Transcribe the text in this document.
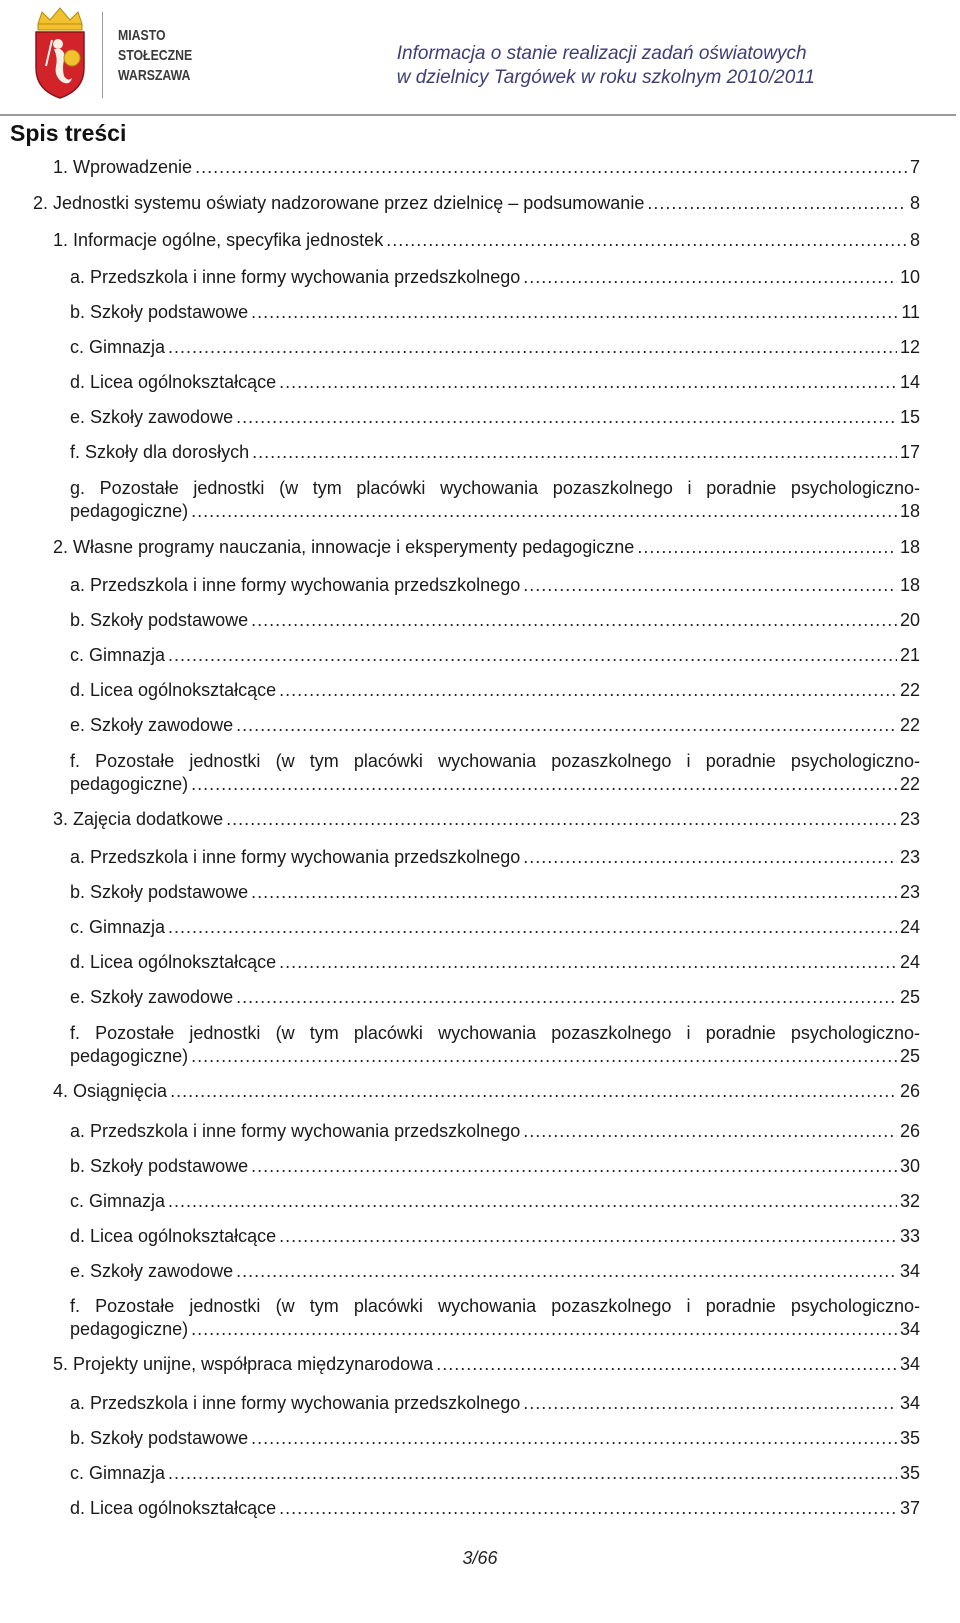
MIASTO
STOŁECZNE
WARSZAWA
Informacja o stanie realizacji zadań oświatowych
w dzielnicy Targówek w roku szkolnym 2010/2011
Spis treści
1. Wprowadzenie .....	7
2. Jednostki systemu oświaty nadzorowane przez dzielnicę – podsumowanie .....	8
1. Informacje ogólne, specyfika jednostek .....	8
a. Przedszkola i inne formy wychowania przedszkolnego .....	10
b. Szkoły podstawowe .....	11
c. Gimnazja .....	12
d. Licea ogólnokształcące .....	14
e. Szkoły zawodowe .....	15
f. Szkoły dla dorosłych .....	17
g. Pozostałe jednostki (w tym placówki wychowania pozaszkolnego i poradnie psychologiczno-
pedagogiczne) .....	18
2. Własne programy nauczania, innowacje i eksperymenty pedagogiczne .....	18
a. Przedszkola i inne formy wychowania przedszkolnego .....	18
b. Szkoły podstawowe .....	20
c. Gimnazja .....	21
d. Licea ogólnokształcące .....	22
e. Szkoły zawodowe .....	22
f. Pozostałe jednostki (w tym placówki wychowania pozaszkolnego i poradnie psychologiczno-
pedagogiczne) .....	22
3. Zajęcia dodatkowe .....	23
a. Przedszkola i inne formy wychowania przedszkolnego .....	23
b. Szkoły podstawowe .....	23
c. Gimnazja .....	24
d. Licea ogólnokształcące .....	24
e. Szkoły zawodowe .....	25
f. Pozostałe jednostki (w tym placówki wychowania pozaszkolnego i poradnie psychologiczno-
pedagogiczne) .....	25
4. Osiągnięcia .....	26
a. Przedszkola i inne formy wychowania przedszkolnego .....	26
b. Szkoły podstawowe .....	30
c. Gimnazja .....	32
d. Licea ogólnokształcące .....	33
e. Szkoły zawodowe .....	34
f. Pozostałe jednostki (w tym placówki wychowania pozaszkolnego i poradnie psychologiczno-
pedagogiczne) .....	34
5. Projekty unijne, współpraca międzynarodowa .....	34
a. Przedszkola i inne formy wychowania przedszkolnego .....	34
b. Szkoły podstawowe .....	35
c. Gimnazja .....	35
d. Licea ogólnokształcące .....	37
3/66
